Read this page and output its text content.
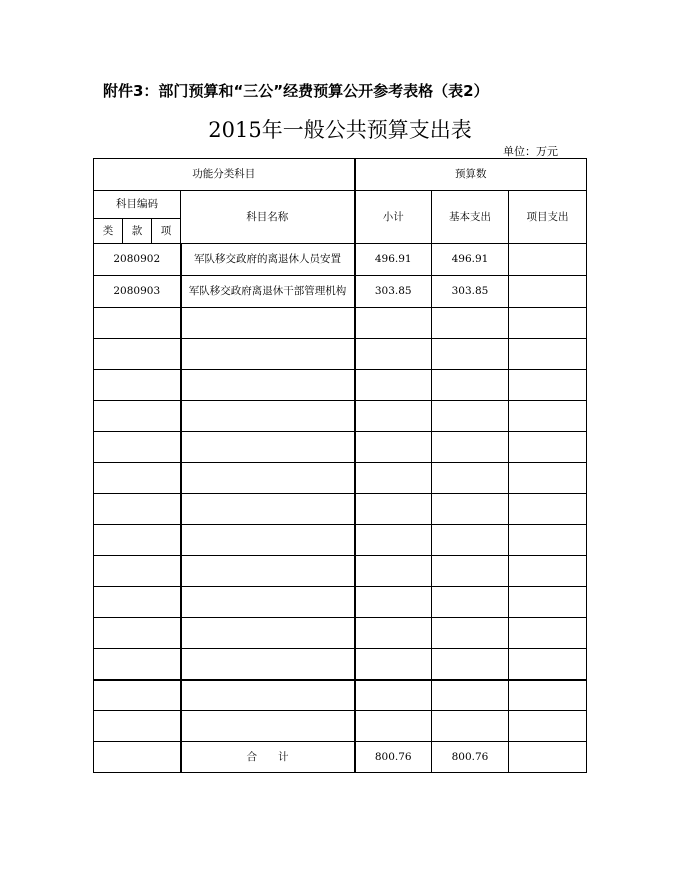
附件3：部门预算和“三公”经费预算公开参考表格（表2）
2015年一般公共预算支出表
单位：万元
功能分类科目				预算数		
科目编码			科目名称	小计	基本支出	项目支出
类	款	项				
2080902			军队移交政府的离退休人员安置	496.91	496.91	
2080903			军队移交政府离退休干部管理机构	303.85	303.85	

			合　　计	800.76	800.76	
